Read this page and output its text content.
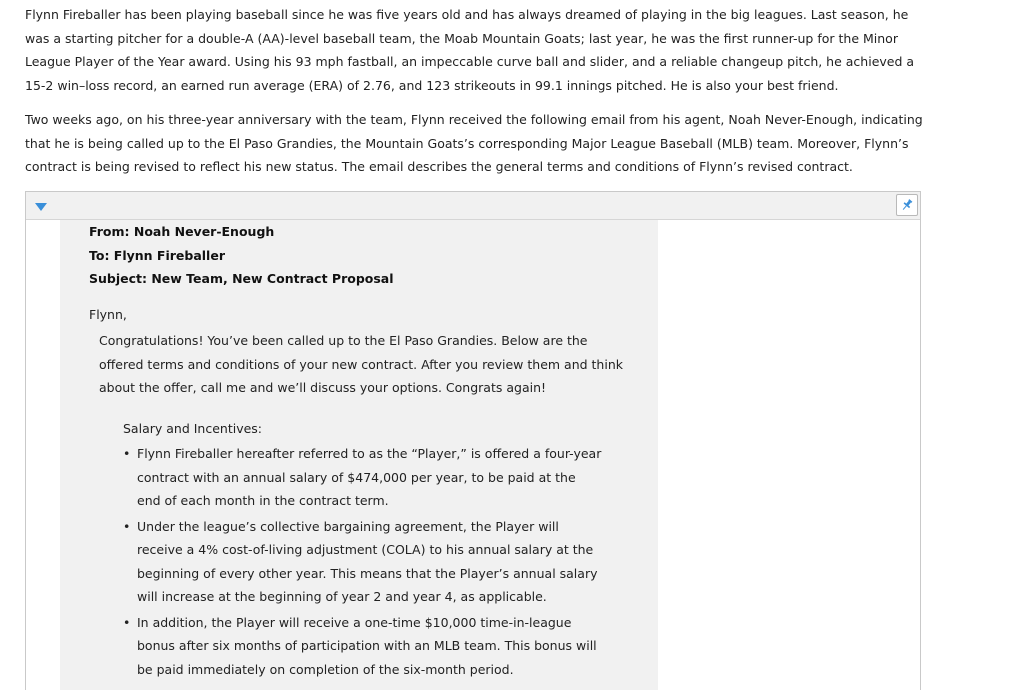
Flynn Fireballer has been playing baseball since he was five years old and has always dreamed of playing in the big leagues. Last season, he was a starting pitcher for a double-A (AA)-level baseball team, the Moab Mountain Goats; last year, he was the first runner-up for the Minor League Player of the Year award. Using his 93 mph fastball, an impeccable curve ball and slider, and a reliable changeup pitch, he achieved a 15-2 win–loss record, an earned run average (ERA) of 2.76, and 123 strikeouts in 99.1 innings pitched. He is also your best friend.

Two weeks ago, on his three-year anniversary with the team, Flynn received the following email from his agent, Noah Never-Enough, indicating that he is being called up to the El Paso Grandies, the Mountain Goats’s corresponding Major League Baseball (MLB) team. Moreover, Flynn’s contract is being revised to reflect his new status. The email describes the general terms and conditions of Flynn’s revised contract.

From: Noah Never-Enough
To: Flynn Fireballer
Subject: New Team, New Contract Proposal
Flynn,

Congratulations! You’ve been called up to the El Paso Grandies. Below are the offered terms and conditions of your new contract. After you review them and think about the offer, call me and we’ll discuss your options. Congrats again!

Salary and Incentives:
• Flynn Fireballer hereafter referred to as the “Player,” is offered a four-year contract with an annual salary of $474,000 per year, to be paid at the end of each month in the contract term.
• Under the league’s collective bargaining agreement, the Player will receive a 4% cost-of-living adjustment (COLA) to his annual salary at the beginning of every other year. This means that the Player’s annual salary will increase at the beginning of year 2 and year 4, as applicable.
• In addition, the Player will receive a one-time $10,000 time-in-league bonus after six months of participation with an MLB team. This bonus will be paid immediately on completion of the six-month period.
